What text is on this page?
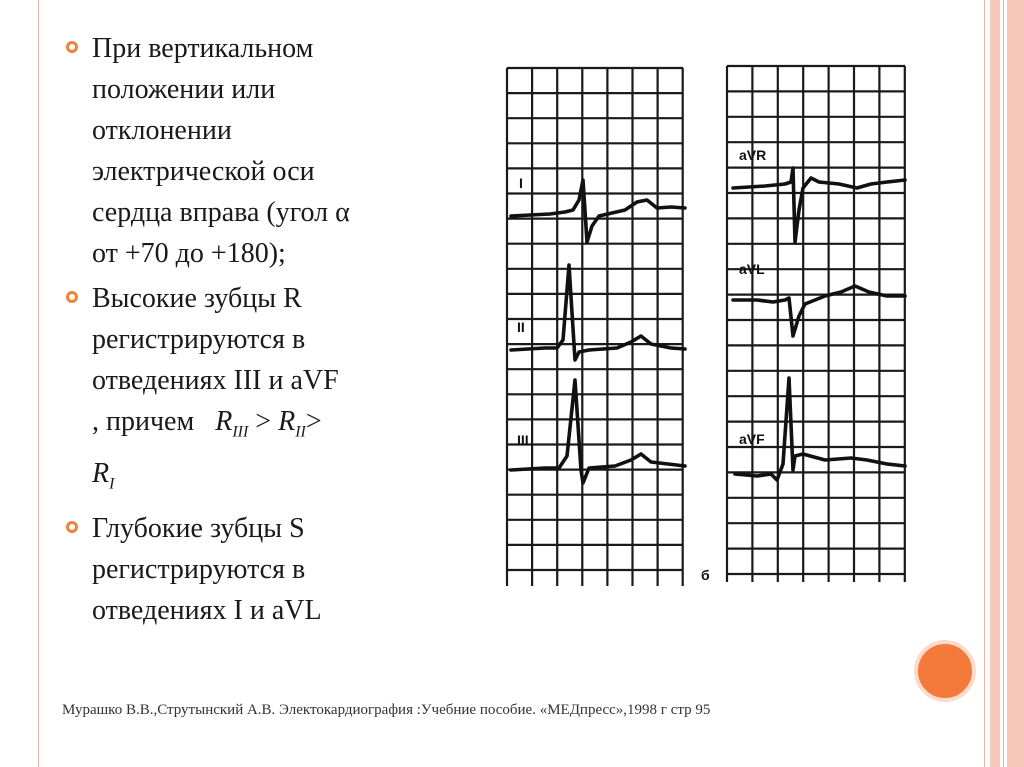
При вертикальном
положении или
отклонении
электрической оси
сердца вправа (угол α
от +70 до +180);
Высокие зубцы R
регистрируются в
отведениях III и aVF
, причем $R_{III} > R_{II}>$
$R_I$
Глубокие зубцы S
регистрируются в
отведениях I и aVL
I
II
III
aVR
aVL
aVF
б
Мурашко В.В.,Струтынский А.В. Электокардиография :Учебние пособие. «МЕДпресс»,1998 г стр 95
